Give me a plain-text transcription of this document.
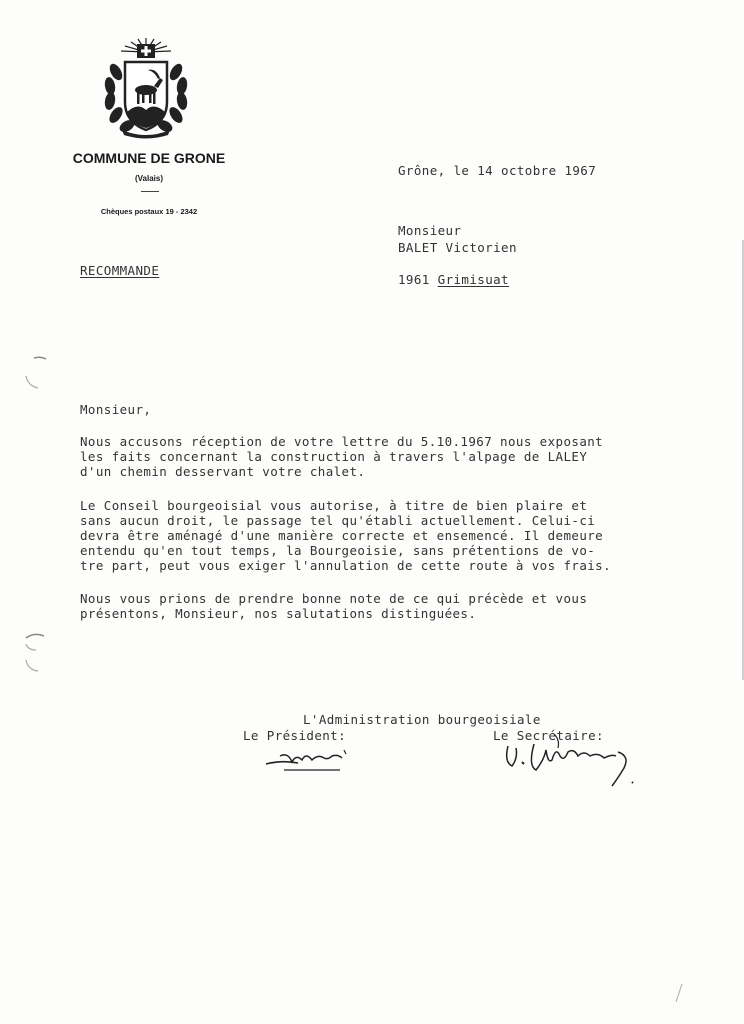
COMMUNE DE GRONE
(Valais)
Chèques postaux 19 - 2342
RECOMMANDE
Grône, le 14 octobre 1967
Monsieur
BALET Victorien
1961 Grimisuat
Monsieur,
Nous accusons réception de votre lettre du 5.10.1967 nous exposant
les faits concernant la construction à travers l'alpage de LALEY
d'un chemin desservant votre chalet.
Le Conseil bourgeoisial vous autorise, à titre de bien plaire et
sans aucun droit, le passage tel qu'établi actuellement. Celui-ci
devra être aménagé d'une manière correcte et ensemencé. Il demeure
entendu qu'en tout temps, la Bourgeoisie, sans prétentions de vo-
tre part, peut vous exiger l'annulation de cette route à vos frais.
Nous vous prions de prendre bonne note de ce qui précède et vous
présentons, Monsieur, nos salutations distinguées.
L'Administration bourgeoisiale
Le Président:	Le Secrétaire:
